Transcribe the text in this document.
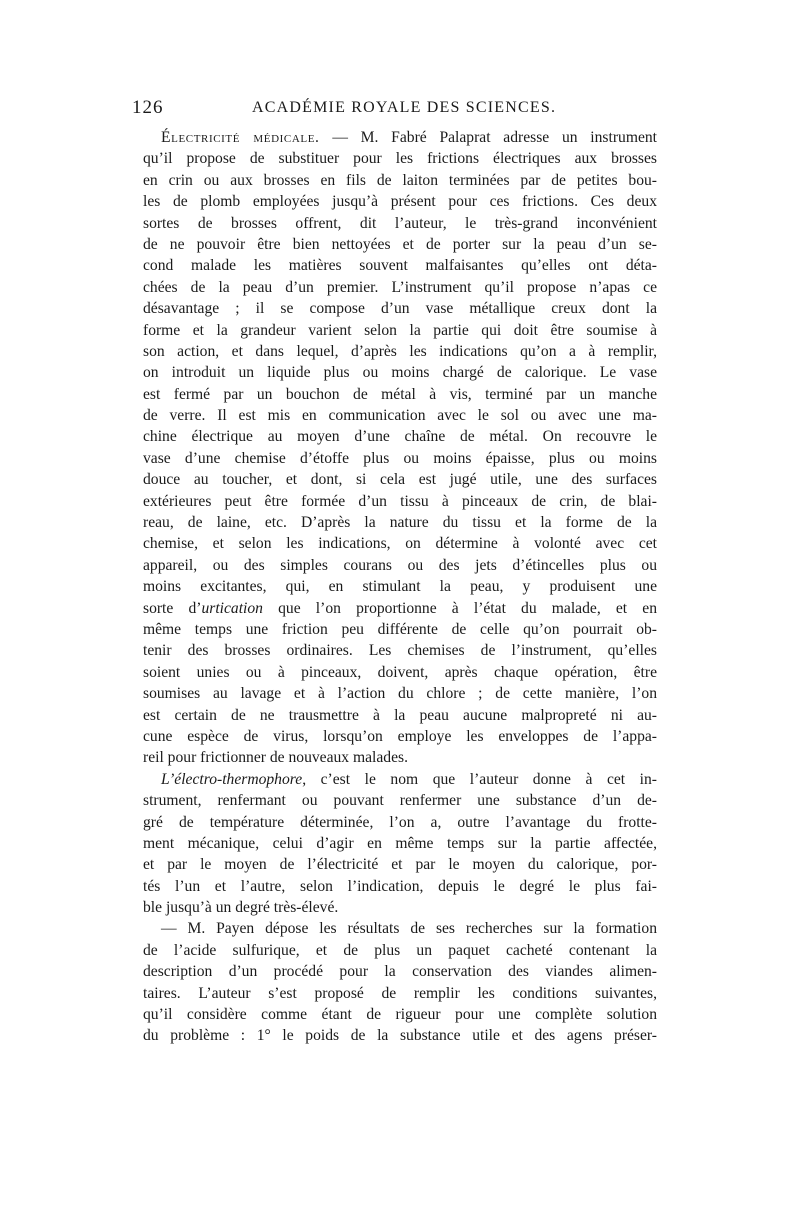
126	ACADÉMIE ROYALE DES SCIENCES.
Électricité médicale. — M. Fabré Palaprat adresse un instrument
qu’il propose de substituer pour les frictions électriques aux brosses
en crin ou aux brosses en fils de laiton terminées par de petites bou-
les de plomb employées jusqu’à présent pour ces frictions. Ces deux
sortes de brosses offrent, dit l’auteur, le très-grand inconvénient
de ne pouvoir être bien nettoyées et de porter sur la peau d’un se-
cond malade les matières souvent malfaisantes qu’elles ont déta-
chées de la peau d’un premier. L’instrument qu’il propose n’apas ce
désavantage ; il se compose d’un vase métallique creux dont la
forme et la grandeur varient selon la partie qui doit être soumise à
son action, et dans lequel, d’après les indications qu’on a à remplir,
on introduit un liquide plus ou moins chargé de calorique. Le vase
est fermé par un bouchon de métal à vis, terminé par un manche
de verre. Il est mis en communication avec le sol ou avec une ma-
chine électrique au moyen d’une chaîne de métal. On recouvre le
vase d’une chemise d’étoffe plus ou moins épaisse, plus ou moins
douce au toucher, et dont, si cela est jugé utile, une des surfaces
extérieures peut être formée d’un tissu à pinceaux de crin, de blai-
reau, de laine, etc. D’après la nature du tissu et la forme de la
chemise, et selon les indications, on détermine à volonté avec cet
appareil, ou des simples courans ou des jets d’étincelles plus ou
moins excitantes, qui, en stimulant la peau, y produisent une
sorte d’urtication que l’on proportionne à l’état du malade, et en
même temps une friction peu différente de celle qu’on pourrait ob-
tenir des brosses ordinaires. Les chemises de l’instrument, qu’elles
soient unies ou à pinceaux, doivent, après chaque opération, être
soumises au lavage et à l’action du chlore ; de cette manière, l’on
est certain de ne trausmettre à la peau aucune malpropreté ni au-
cune espèce de virus, lorsqu’on employe les enveloppes de l’appa-
reil pour frictionner de nouveaux malades.
L’électro-thermophore, c’est le nom que l’auteur donne à cet in-
strument, renfermant ou pouvant renfermer une substance d’un de-
gré de température déterminée, l’on a, outre l’avantage du frotte-
ment mécanique, celui d’agir en même temps sur la partie affectée,
et par le moyen de l’électricité et par le moyen du calorique, por-
tés l’un et l’autre, selon l’indication, depuis le degré le plus fai-
ble jusqu’à un degré très-élevé.
— M. Payen dépose les résultats de ses recherches sur la formation
de l’acide sulfurique, et de plus un paquet cacheté contenant la
description d’un procédé pour la conservation des viandes alimen-
taires. L’auteur s’est proposé de remplir les conditions suivantes,
qu’il considère comme étant de rigueur pour une complète solution
du problème : 1° le poids de la substance utile et des agens préser-
